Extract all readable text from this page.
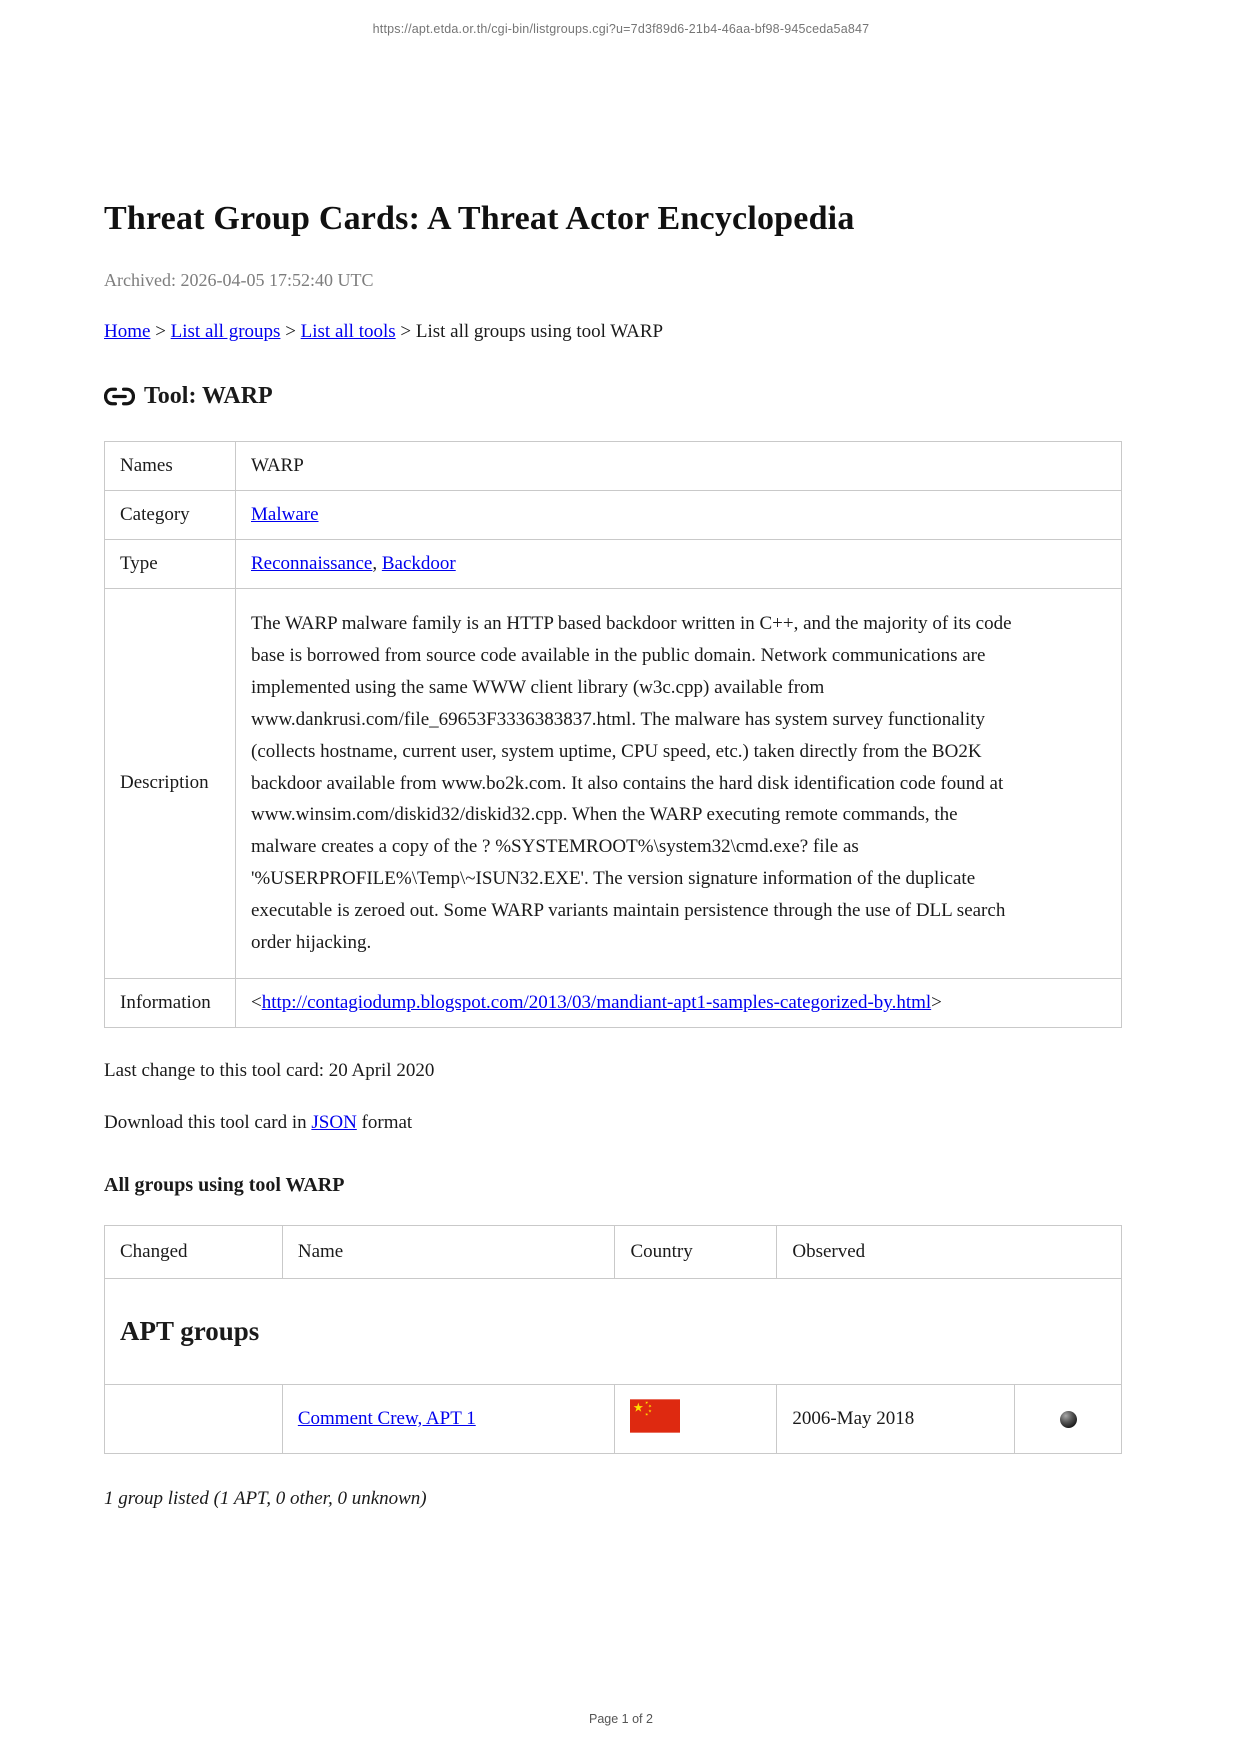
https://apt.etda.or.th/cgi-bin/listgroups.cgi?u=7d3f89d6-21b4-46aa-bf98-945ceda5a847
Threat Group Cards: A Threat Actor Encyclopedia

Archived: 2026-04-05 17:52:40 UTC

Home > List all groups > List all tools > List all groups using tool WARP

Tool: WARP
Names	WARP
Category	Malware
Type	Reconnaissance, Backdoor
Description	The WARP malware family is an HTTP based backdoor written in C++, and the majority of its code base is borrowed from source code available in the public domain. Network communications are implemented using the same WWW client library (w3c.cpp) available from www.dankrusi.com/file_69653F3336383837.html. The malware has system survey functionality (collects hostname, current user, system uptime, CPU speed, etc.) taken directly from the BO2K backdoor available from www.bo2k.com. It also contains the hard disk identification code found at www.winsim.com/diskid32/diskid32.cpp. When the WARP executing remote commands, the malware creates a copy of the ? %SYSTEMROOT%\system32\cmd.exe? file as '%USERPROFILE%\Temp\~ISUN32.EXE'. The version signature information of the duplicate executable is zeroed out. Some WARP variants maintain persistence through the use of DLL search order hijacking.

Information	<http://contagiodump.blogspot.com/2013/03/mandiant-apt1-samples-categorized-by.html>

Last change to this tool card: 20 April 2020

Download this tool card in JSON format

All groups using tool WARP
Changed	Name	Country	Observed	

APT groups

	Comment Crew, APT 1		2006-May 2018	

1 group listed (1 APT, 0 other, 0 unknown)

Page 1 of 2
